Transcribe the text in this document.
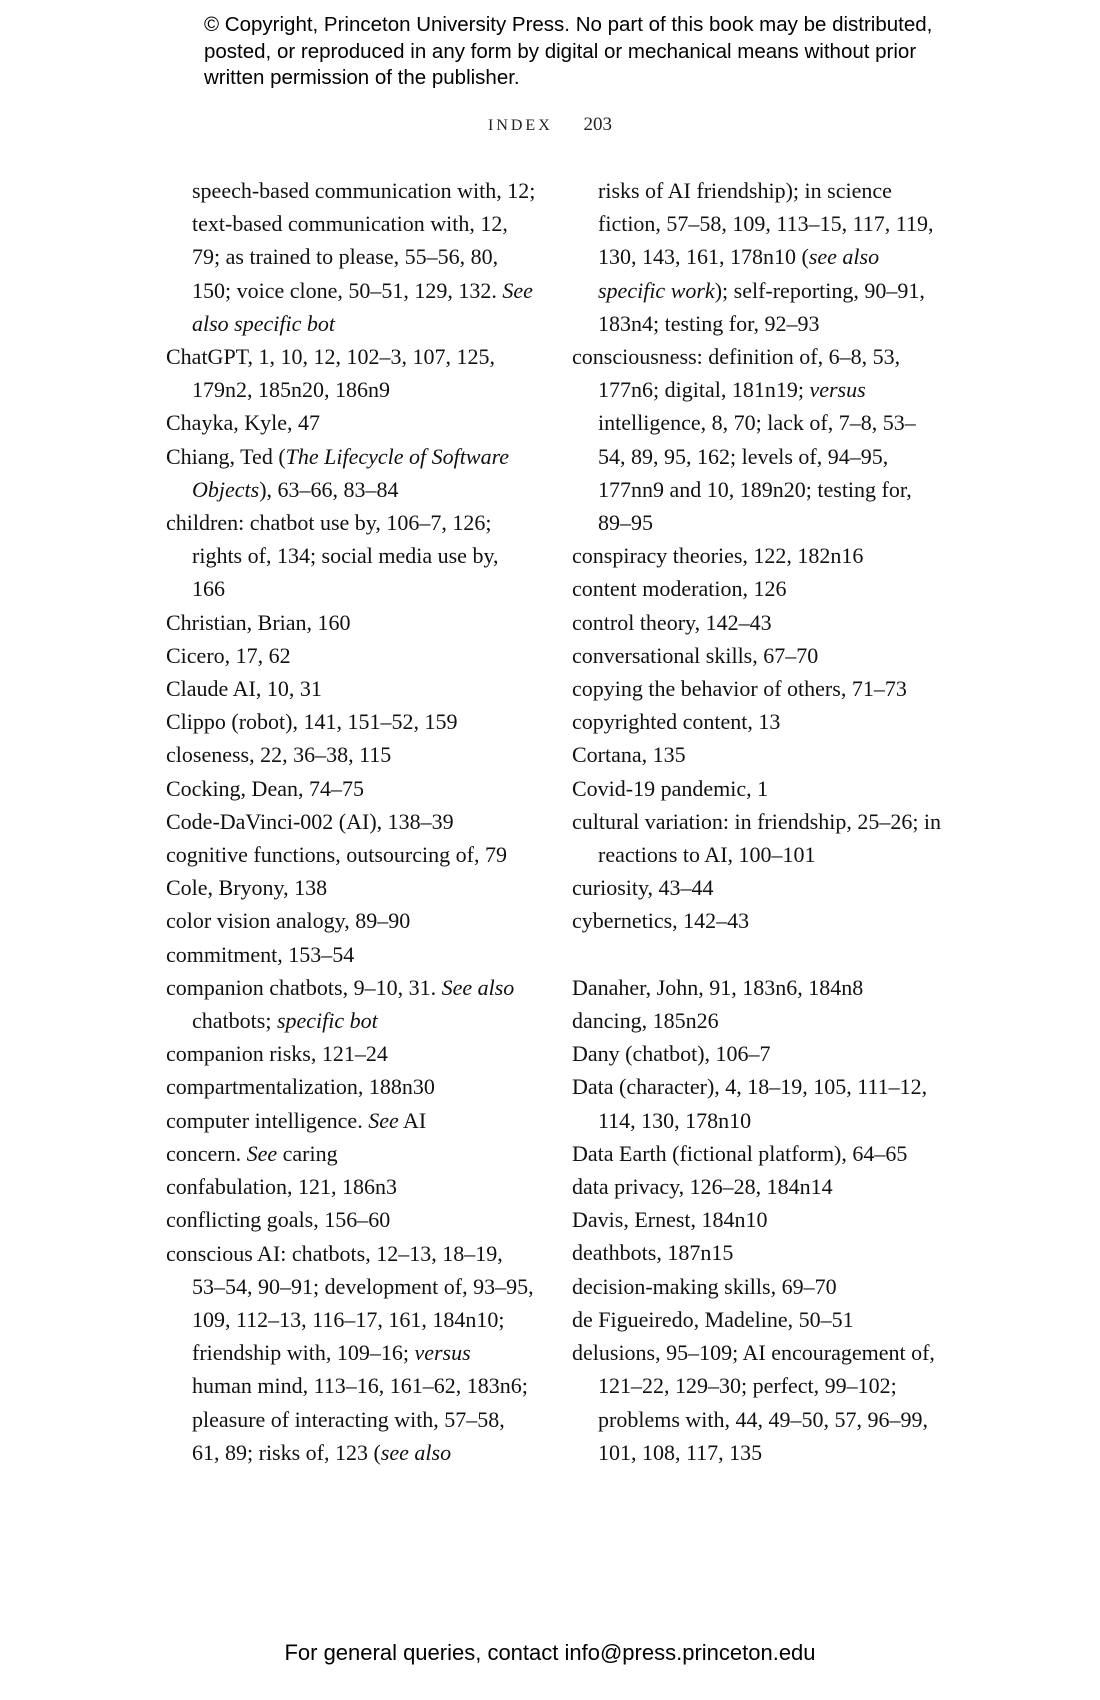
© Copyright, Princeton University Press. No part of this book may be distributed, posted, or reproduced in any form by digital or mechanical means without prior written permission of the publisher.
INDEX 203

speech-based communication with, 12; text-based communication with, 12, 79; as trained to please, 55–56, 80, 150; voice clone, 50–51, 129, 132. See also specific bot

ChatGPT, 1, 10, 12, 102–3, 107, 125, 179n2, 185n20, 186n9

Chayka, Kyle, 47

Chiang, Ted (The Lifecycle of Software Objects), 63–66, 83–84

children: chatbot use by, 106–7, 126; rights of, 134; social media use by, 166

Christian, Brian, 160

Cicero, 17, 62

Claude AI, 10, 31

Clippo (robot), 141, 151–52, 159

closeness, 22, 36–38, 115

Cocking, Dean, 74–75

Code-DaVinci-002 (AI), 138–39

cognitive functions, outsourcing of, 79

Cole, Bryony, 138

color vision analogy, 89–90

commitment, 153–54

companion chatbots, 9–10, 31. See also chatbots; specific bot

companion risks, 121–24

compartmentalization, 188n30

computer intelligence. See AI

concern. See caring

confabulation, 121, 186n3

conflicting goals, 156–60

conscious AI: chatbots, 12–13, 18–19, 53–54, 90–91; development of, 93–95, 109, 112–13, 116–17, 161, 184n10; friendship with, 109–16; versus human mind, 113–16, 161–62, 183n6; pleasure of interacting with, 57–58, 61, 89; risks of, 123 (see also

risks of AI friendship); in science fiction, 57–58, 109, 113–15, 117, 119, 130, 143, 161, 178n10 (see also specific work); self-reporting, 90–91, 183n4; testing for, 92–93

consciousness: definition of, 6–8, 53, 177n6; digital, 181n19; versus intelligence, 8, 70; lack of, 7–8, 53–54, 89, 95, 162; levels of, 94–95, 177nn9 and 10, 189n20; testing for, 89–95

conspiracy theories, 122, 182n16

content moderation, 126

control theory, 142–43

conversational skills, 67–70

copying the behavior of others, 71–73

copyrighted content, 13

Cortana, 135

Covid-19 pandemic, 1

cultural variation: in friendship, 25–26; in reactions to AI, 100–101

curiosity, 43–44

cybernetics, 142–43

Danaher, John, 91, 183n6, 184n8

dancing, 185n26

Dany (chatbot), 106–7

Data (character), 4, 18–19, 105, 111–12, 114, 130, 178n10

Data Earth (fictional platform), 64–65

data privacy, 126–28, 184n14

Davis, Ernest, 184n10

deathbots, 187n15

decision-making skills, 69–70

de Figueiredo, Madeline, 50–51

delusions, 95–109; AI encouragement of, 121–22, 129–30; perfect, 99–102; problems with, 44, 49–50, 57, 96–99, 101, 108, 117, 135

For general queries, contact info@press.princeton.edu
